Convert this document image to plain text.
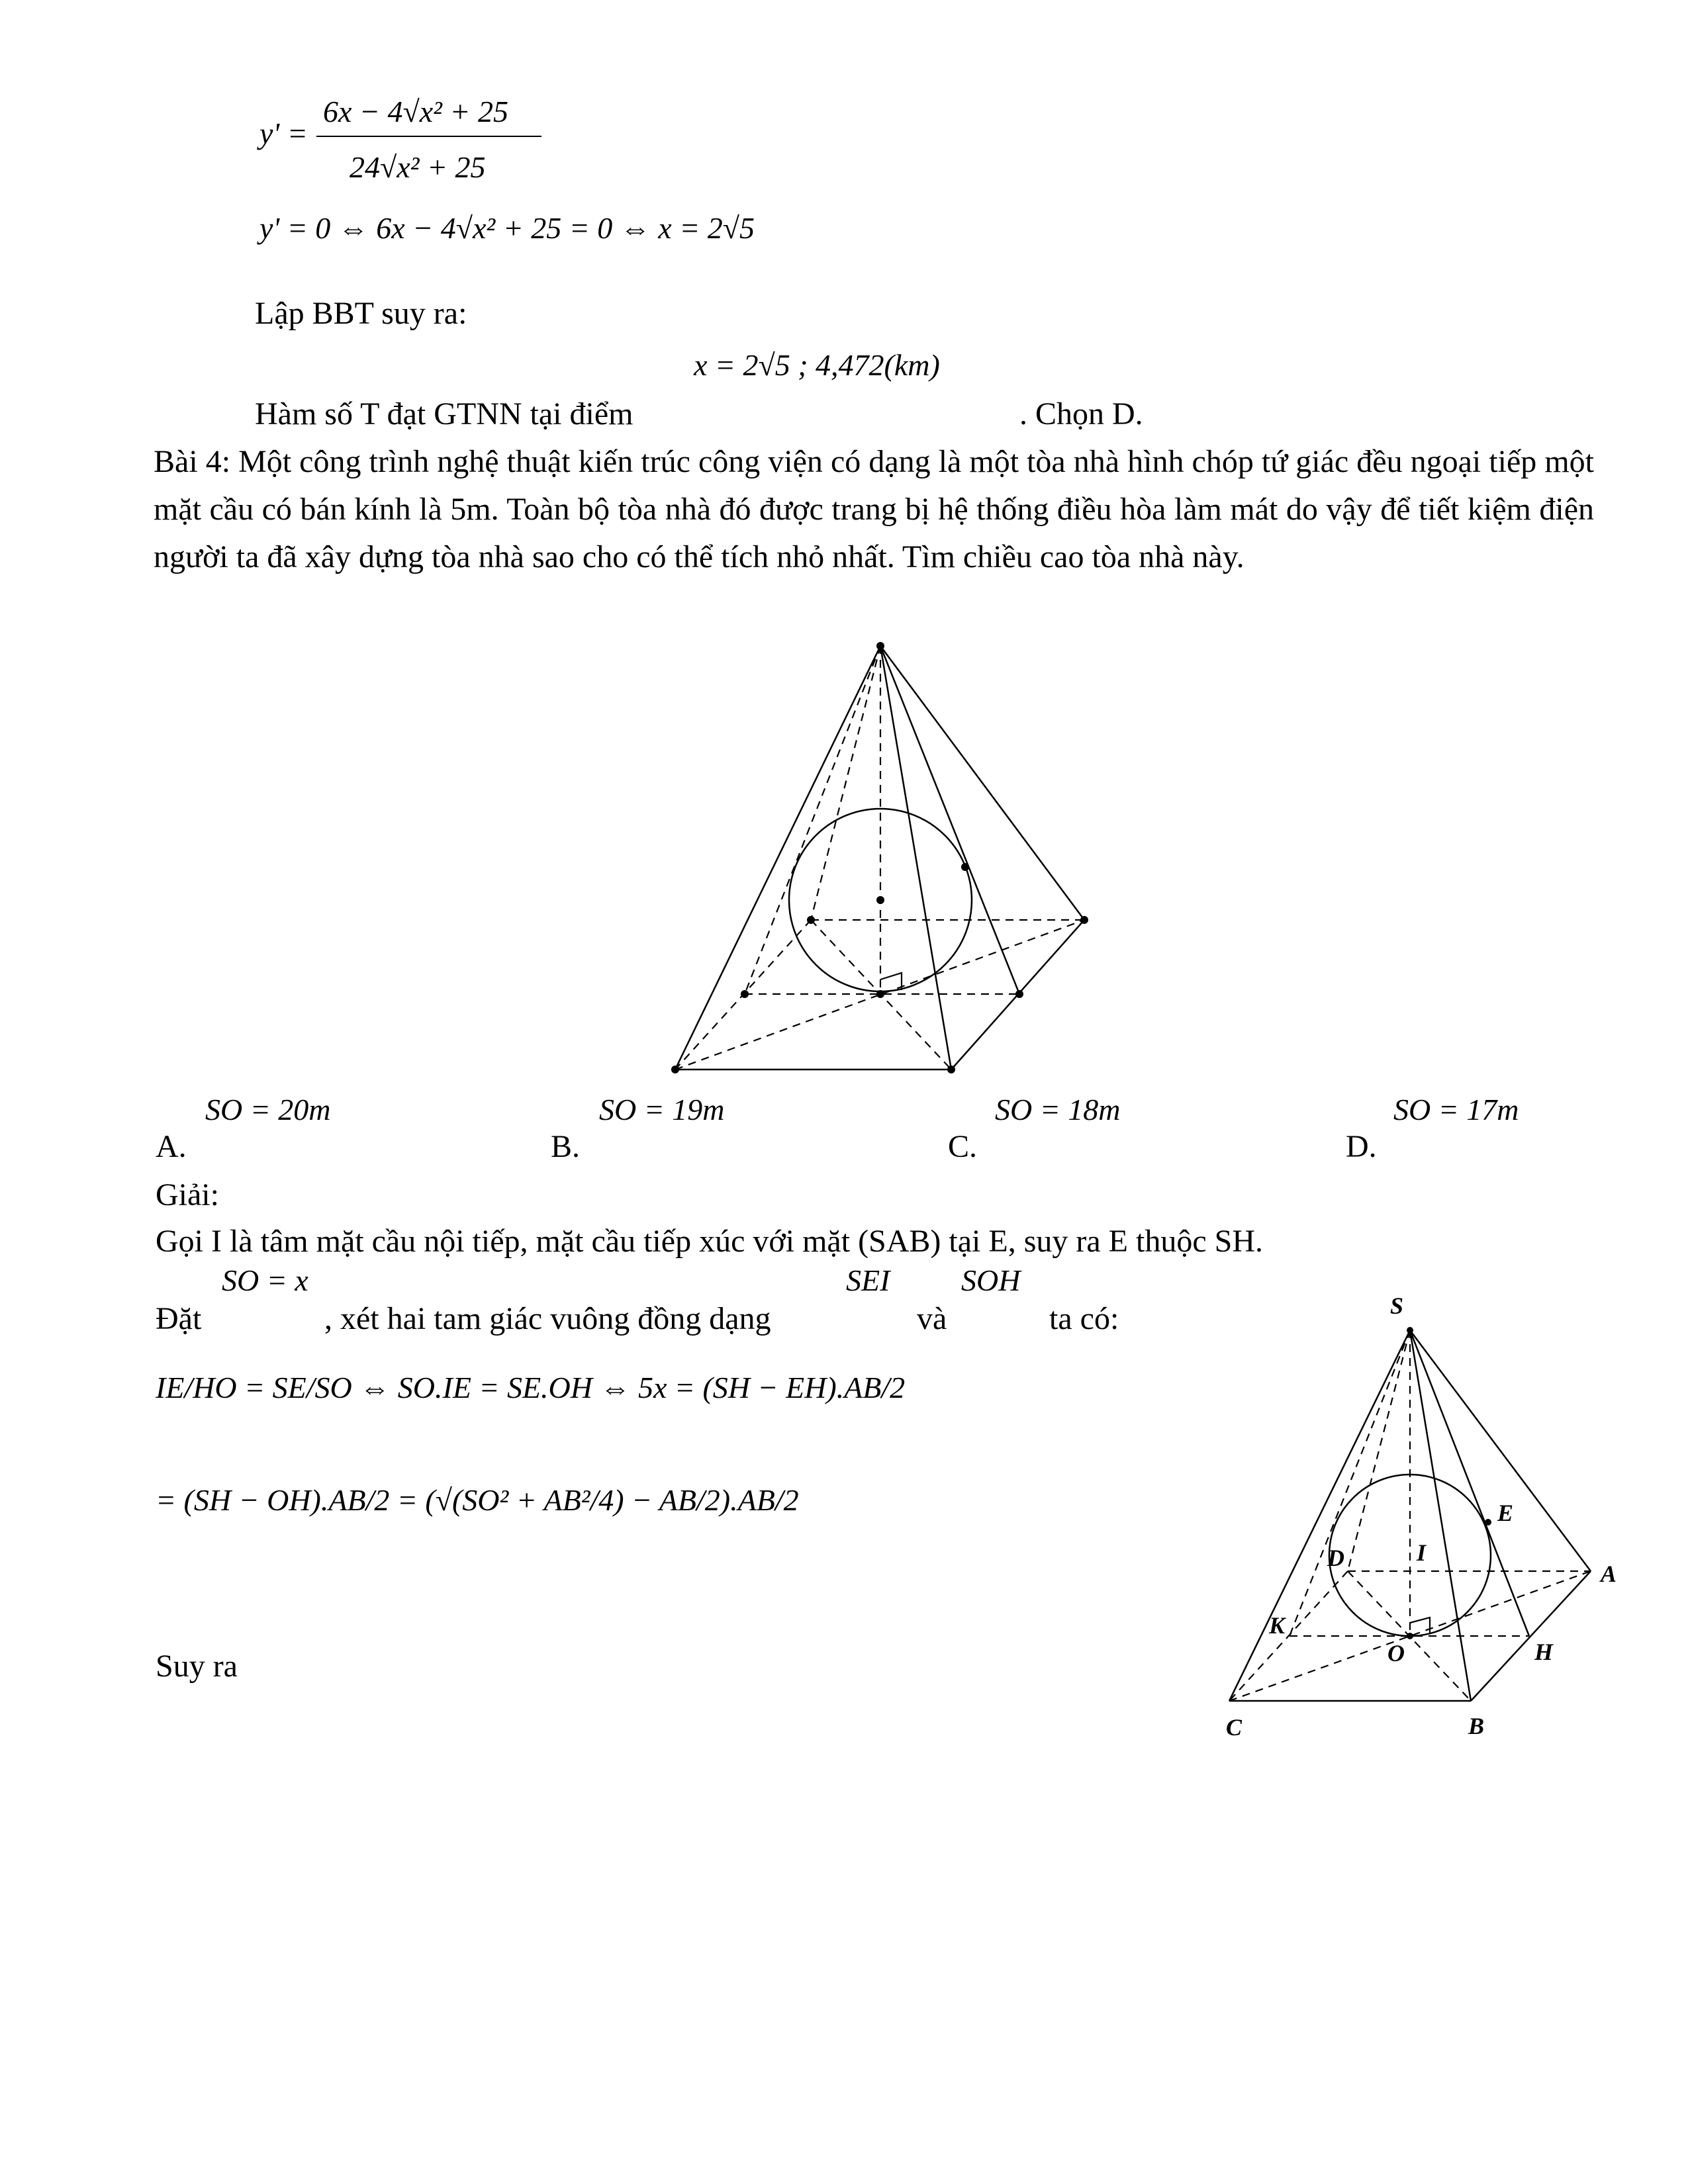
y' =
6x − 4√x² + 25
24√x² + 25
y' = 0 ⇔ 6x − 4√x² + 25 = 0 ⇔ x = 2√5
Lập BBT suy ra:
x = 2√5 ; 4,472(km)
Hàm số T đạt GTNN tại điểm	. Chọn D.
Bài 4: Một công trình nghệ thuật kiến trúc công viện có dạng là một tòa nhà hình chóp tứ giác đều ngoại tiếp một mặt cầu có bán kính là 5m. Toàn bộ tòa nhà đó được trang bị hệ thống điều hòa làm mát do vậy để tiết kiệm điện người ta đã xây dựng tòa nhà sao cho có thể tích nhỏ nhất. Tìm chiều cao tòa nhà này.
SO = 20m
A.
SO = 19m
B.
SO = 18m
C.
SO = 17m
D.
Giải:
Gọi I là tâm mặt cầu nội tiếp, mặt cầu tiếp xúc với mặt (SAB) tại E, suy ra E thuộc SH.
SO = x
Đặt	, xét hai tam giác vuông đồng dạng
SEI
và
SOH
ta có:
IE/HO = SE/SO ⇔ SO.IE = SE.OH ⇔ 5x = (SH − EH).AB/2
= (SH − OH).AB/2 = (√(SO² + AB²/4) − AB/2).AB/2
Suy ra
S
E
I
D
A
K
O	H
C	B
